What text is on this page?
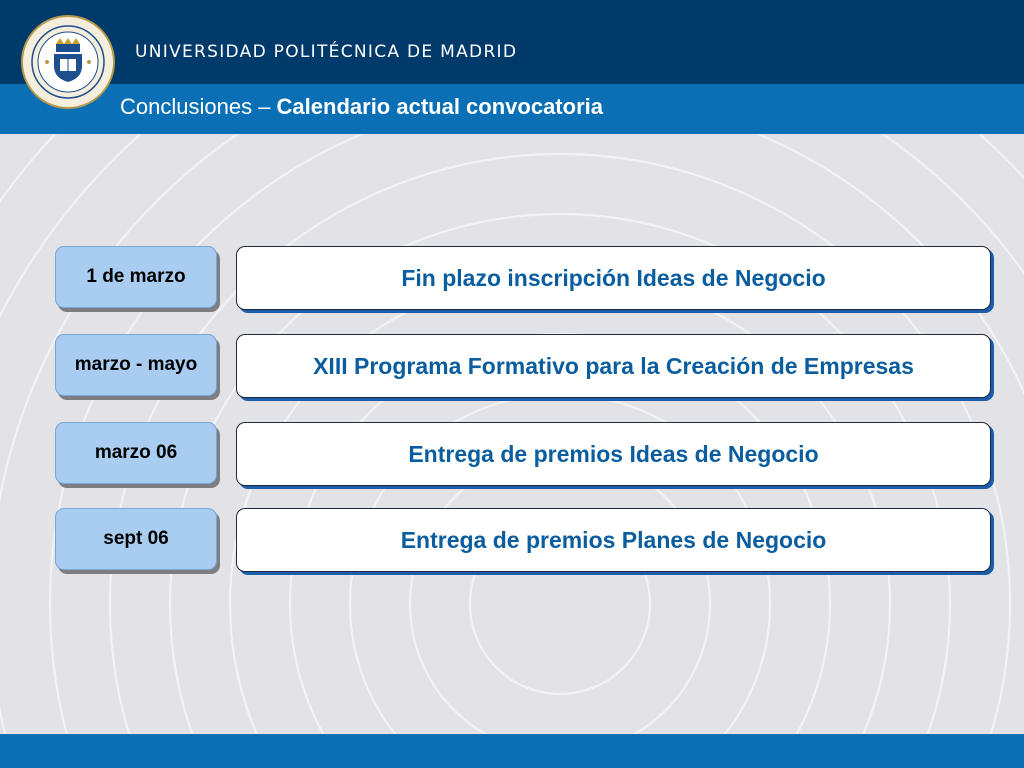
UNIVERSIDAD POLITÉCNICA DE MADRID
Conclusiones – Calendario actual convocatoria
1 de marzo	Fin plazo inscripción Ideas de Negocio
marzo - mayo	XIII Programa Formativo para la Creación de Empresas
marzo 06	Entrega de premios Ideas de Negocio
sept 06	Entrega de premios Planes de Negocio
